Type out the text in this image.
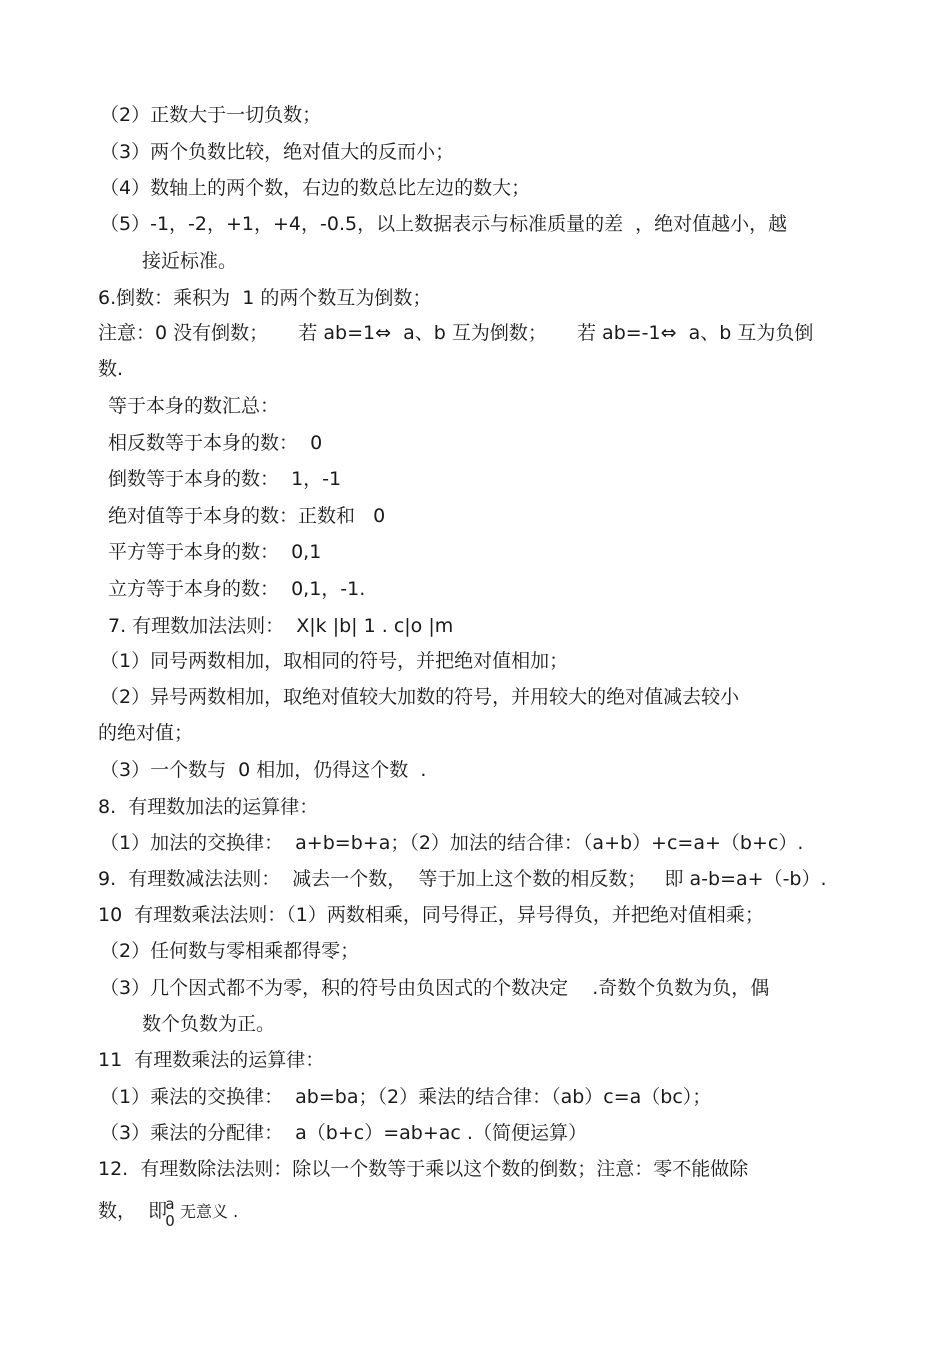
（2）正数大于一切负数；
（3）两个负数比较，绝对值大的反而小；
（4）数轴上的两个数，右边的数总比左边的数大；
（5）-1，-2，+1，+4，-0.5，以上数据表示与标准质量的差  ，绝对值越小，越
接近标准。
6.倒数：乘积为  1 的两个数互为倒数；
注意：0 没有倒数；     若 ab=1⇔  a、b 互为倒数；     若 ab=-1⇔  a、b 互为负倒
数.
等于本身的数汇总：
相反数等于本身的数：  0
倒数等于本身的数：  1，-1
绝对值等于本身的数：正数和   0
平方等于本身的数：  0,1
立方等于本身的数：  0,1，-1.
7. 有理数加法法则：  X|k |b| 1 . c|o |m
（1）同号两数相加，取相同的符号，并把绝对值相加；
（2）异号两数相加，取绝对值较大加数的符号，并用较大的绝对值减去较小
的绝对值；
（3）一个数与  0 相加，仍得这个数  .
8.  有理数加法的运算律：
（1）加法的交换律：  a+b=b+a；（2）加法的结合律：（a+b）+c=a+（b+c）.
9.  有理数减法法则：  减去一个数，  等于加上这个数的相反数；   即 a-b=a+（-b）.
10  有理数乘法法则：（1）两数相乘，同号得正，异号得负，并把绝对值相乘；
（2）任何数与零相乘都得零；
（3）几个因式都不为零，积的符号由负因式的个数决定    .奇数个负数为负，偶
数个负数为正。
11  有理数乘法的运算律：
（1）乘法的交换律：  ab=ba；（2）乘法的结合律：（ab）c=a（bc）；
（3）乘法的分配律：  a（b+c）=ab+ac .（简便运算）
12.  有理数除法法则：除以一个数等于乘以这个数的倒数；注意：零不能做除
数，  即
a
0 无意义 .
